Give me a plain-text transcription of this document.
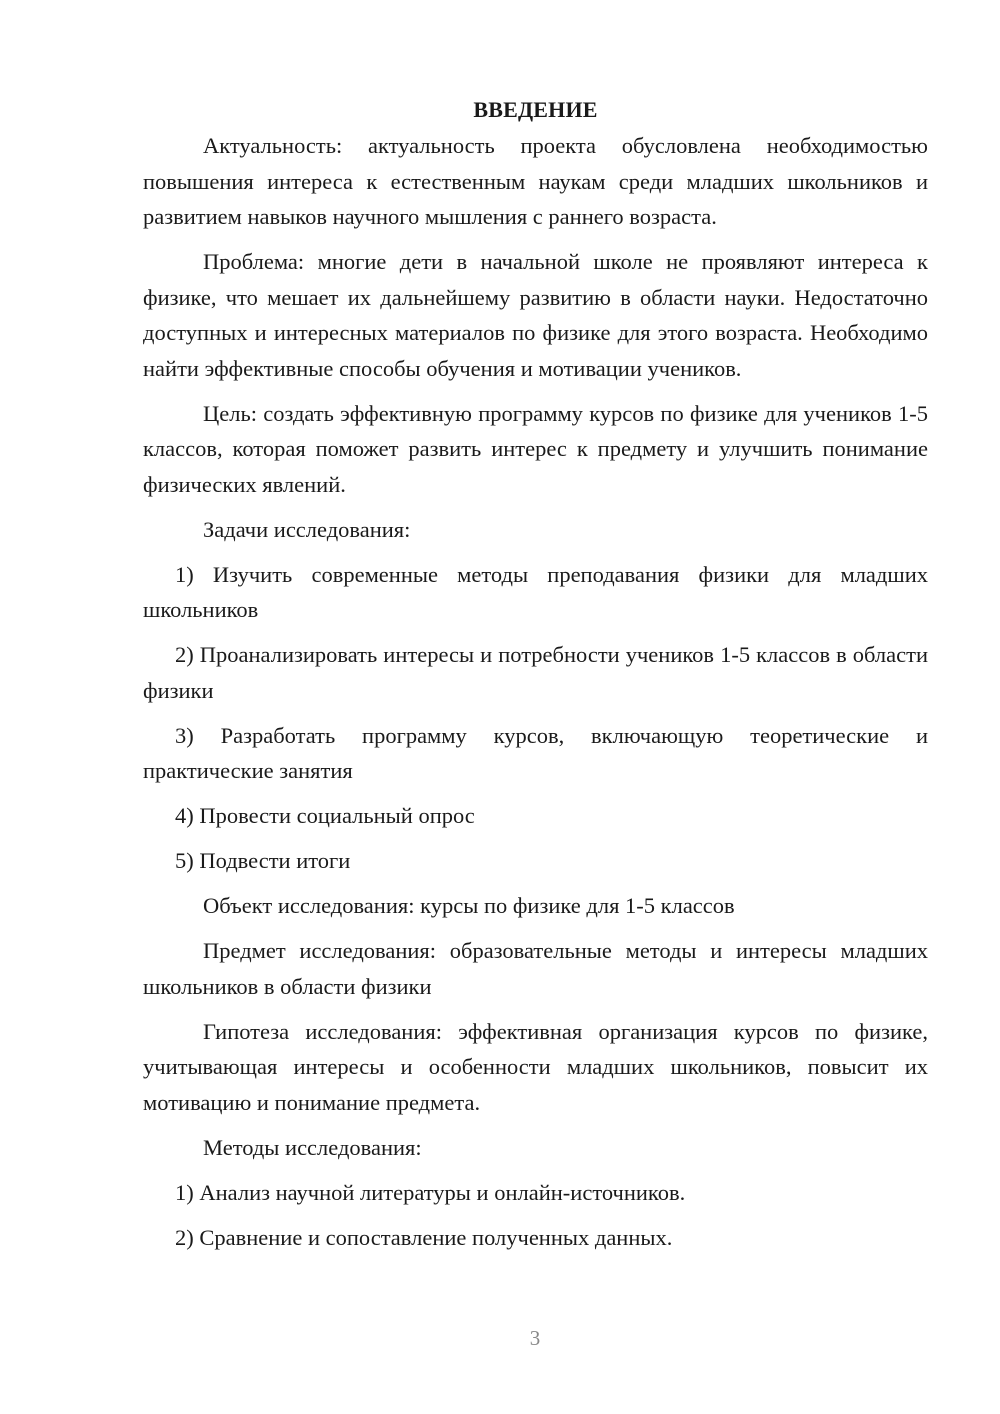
ВВЕДЕНИЕ

Актуальность: актуальность проекта обусловлена необходимостью повышения интереса к естественным наукам среди младших школьников и развитием навыков научного мышления с раннего возраста.

Проблема: многие дети в начальной школе не проявляют интереса к физике, что мешает их дальнейшему развитию в области науки. Недостаточно доступных и интересных материалов по физике для этого возраста. Необходимо найти эффективные способы обучения и мотивации учеников.

Цель: создать эффективную программу курсов по физике для учеников 1-5 классов, которая поможет развить интерес к предмету и улучшить понимание физических явлений.

Задачи исследования:

1) Изучить современные методы преподавания физики для младших школьников

2) Проанализировать интересы и потребности учеников 1-5 классов в области физики

3) Разработать программу курсов, включающую теоретические и практические занятия

4) Провести социальный опрос

5) Подвести итоги

Объект исследования: курсы по физике для 1-5 классов

Предмет исследования: образовательные методы и интересы младших школьников в области физики

Гипотеза исследования: эффективная организация курсов по физике, учитывающая интересы и особенности младших школьников, повысит их мотивацию и понимание предмета.

Методы исследования:

1) Анализ научной литературы и онлайн-источников.

2) Сравнение и сопоставление полученных данных.

3
